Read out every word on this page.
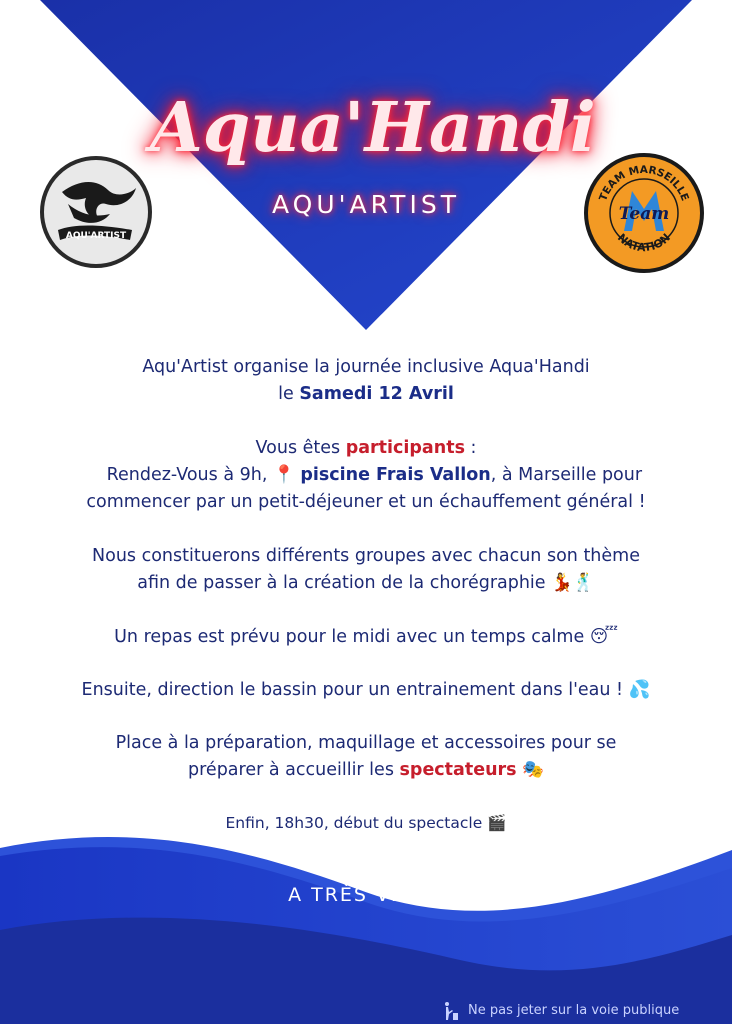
AQU'ARTIST
TEAM MARSEILLE
NATATION
Team
Aqua'Handi
AQU'ARTIST

Aqu'Artist organise la journée inclusive Aqua'Handi

le Samedi 12 Avril

Vous êtes participants :

Rendez-Vous à 9h, 📍 piscine Frais Vallon, à Marseille pour

commencer par un petit-déjeuner et un échauffement général !

Nous constituerons différents groupes avec chacun son thème

afin de passer à la création de la chorégraphie 💃🕺

Un repas est prévu pour le midi avec un temps calme 😴

Ensuite, direction le bassin pour un entrainement dans l'eau ! 💦

Place à la préparation, maquillage et accessoires pour se

préparer à accueillir les spectateurs 🎭

Enfin, 18h30, début du spectacle 🎬

A TRÈS VITE !
Ne pas jeter sur la voie publique
